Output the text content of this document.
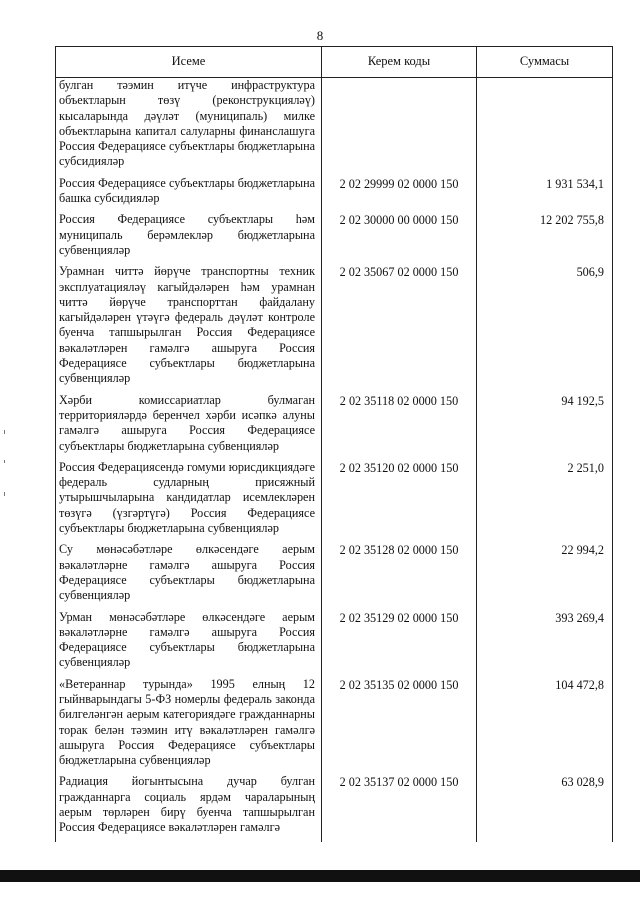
8
Исеме	Керем коды	Суммасы
булган тәэмин итүче инфраструктура объектларын төзү (реконструкцияләү) кысаларында дәүләт (муниципаль) милке объектларына капитал салуларны финанслашуга Россия Федерациясе субъектлары бюджетларына субсидияләр		
Россия Федерациясе субъектлары бюджетларына башка субсидияләр	2 02 29999 02 0000 150	1 931 534,1
Россия Федерациясе субъектлары һәм муниципаль берәмлекләр бюджетларына субвенцияләр	2 02 30000 00 0000 150	12 202 755,8
Урамнан читтә йөрүче транспортны техник эксплуатацияләү кагыйдәләрен һәм урамнан читтә йөрүче транспорттан файдалану кагыйдәләрен үтәүгә федераль дәүләт контроле буенча тапшырылган Россия Федерациясе вәкаләтләрен гамәлгә ашыруга Россия Федерациясе субъектлары бюджетларына субвенцияләр	2 02 35067 02 0000 150	506,9
Хәрби комиссариатлар булмаган территорияләрдә беренчел хәрби исәпкә алуны гамәлгә ашыруга Россия Федерациясе субъектлары бюджетларына субвенцияләр	2 02 35118 02 0000 150	94 192,5
Россия Федерациясендә гомуми юрисдикциядәге федераль судларның присяжный утырышчыларына кандидатлар исемлекләрен төзүгә (үзгәртүгә) Россия Федерациясе субъектлары бюджетларына субвенцияләр	2 02 35120 02 0000 150	2 251,0
Су мөнәсәбәтләре өлкәсендәге аерым вәкаләтләрне гамәлгә ашыруга Россия Федерациясе субъектлары бюджетларына субвенцияләр	2 02 35128 02 0000 150	22 994,2
Урман мөнәсәбәтләре өлкәсендәге аерым вәкаләтләрне гамәлгә ашыруга Россия Федерациясе субъектлары бюджетларына субвенцияләр	2 02 35129 02 0000 150	393 269,4
«Ветераннар турында» 1995 елның 12 гыйнварындагы 5-ФЗ номерлы федераль законда билгеләнгән аерым категориядәге гражданнарны торак белән тәэмин итү вәкаләтләрен гамәлгә ашыруга Россия Федерациясе субъектлары бюджетларына субвенцияләр	2 02 35135 02 0000 150	104 472,8
Радиация йогынтысына дучар булган гражданнарга социаль ярдәм чараларының аерым төрләрен бирү буенча тапшырылган Россия Федерациясе вәкаләтләрен гамәлгә	2 02 35137 02 0000 150	63 028,9
